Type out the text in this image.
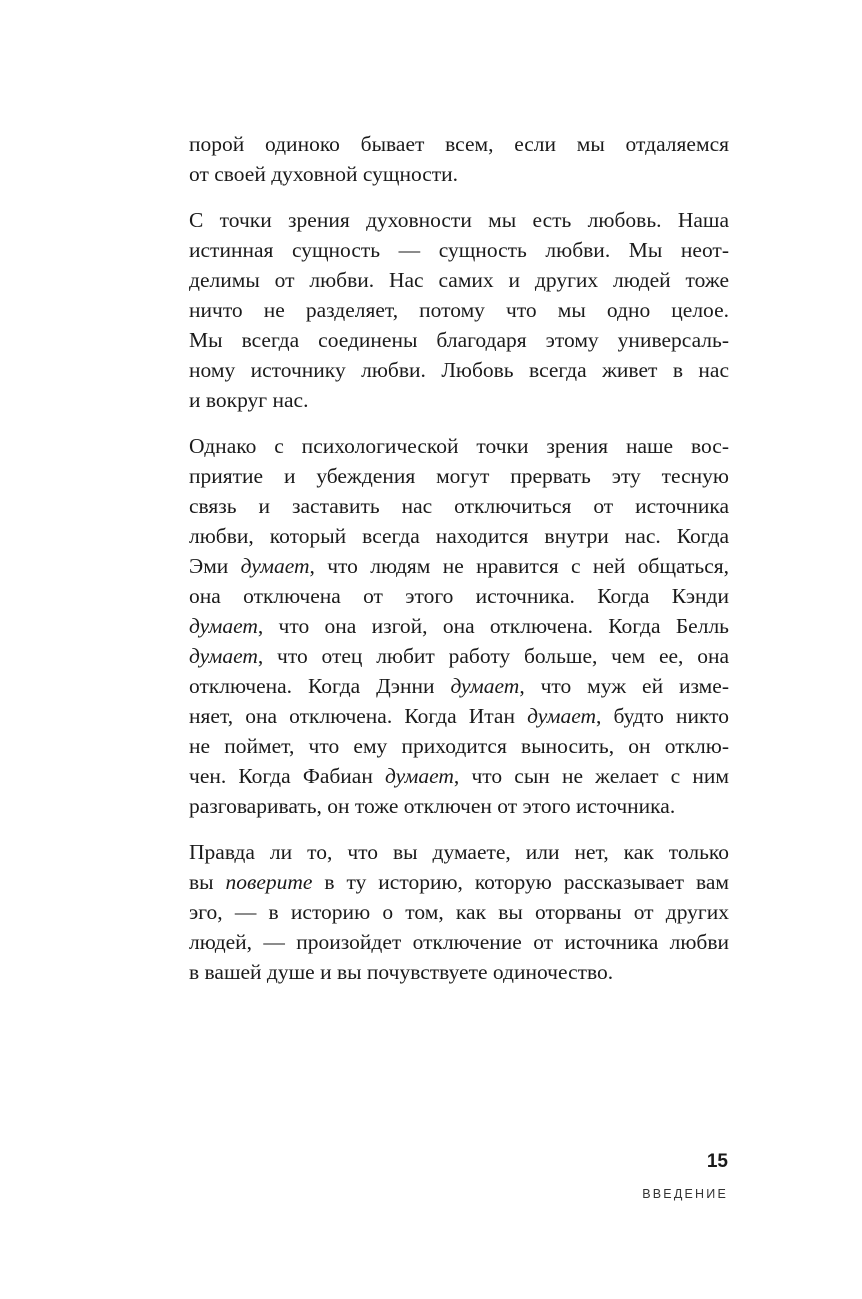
порой одиноко бывает всем, если мы отдаляемся
от своей духовной сущности.

С точки зрения духовности мы есть любовь. Наша
истинная сущность — сущность любви. Мы неот-
делимы от любви. Нас самих и других людей тоже
ничто не разделяет, потому что мы одно целое.
Мы всегда соединены благодаря этому универсаль-
ному источнику любви. Любовь всегда живет в нас
и вокруг нас.

Однако с психологической точки зрения наше вос-
приятие и убеждения могут прервать эту тесную
связь и заставить нас отключиться от источника
любви, который всегда находится внутри нас. Когда
Эми думает, что людям не нравится с ней общаться,
она отключена от этого источника. Когда Кэнди
думает, что она изгой, она отключена. Когда Белль
думает, что отец любит работу больше, чем ее, она
отключена. Когда Дэнни думает, что муж ей изме-
няет, она отключена. Когда Итан думает, будто никто
не поймет, что ему приходится выносить, он отклю-
чен. Когда Фабиан думает, что сын не желает с ним
разговаривать, он тоже отключен от этого источника.

Правда ли то, что вы думаете, или нет, как только
вы поверите в ту историю, которую рассказывает вам
эго, — в историю о том, как вы оторваны от других
людей, — произойдет отключение от источника любви
в вашей душе и вы почувствуете одиночество.

15
ВВЕДЕНИЕ
